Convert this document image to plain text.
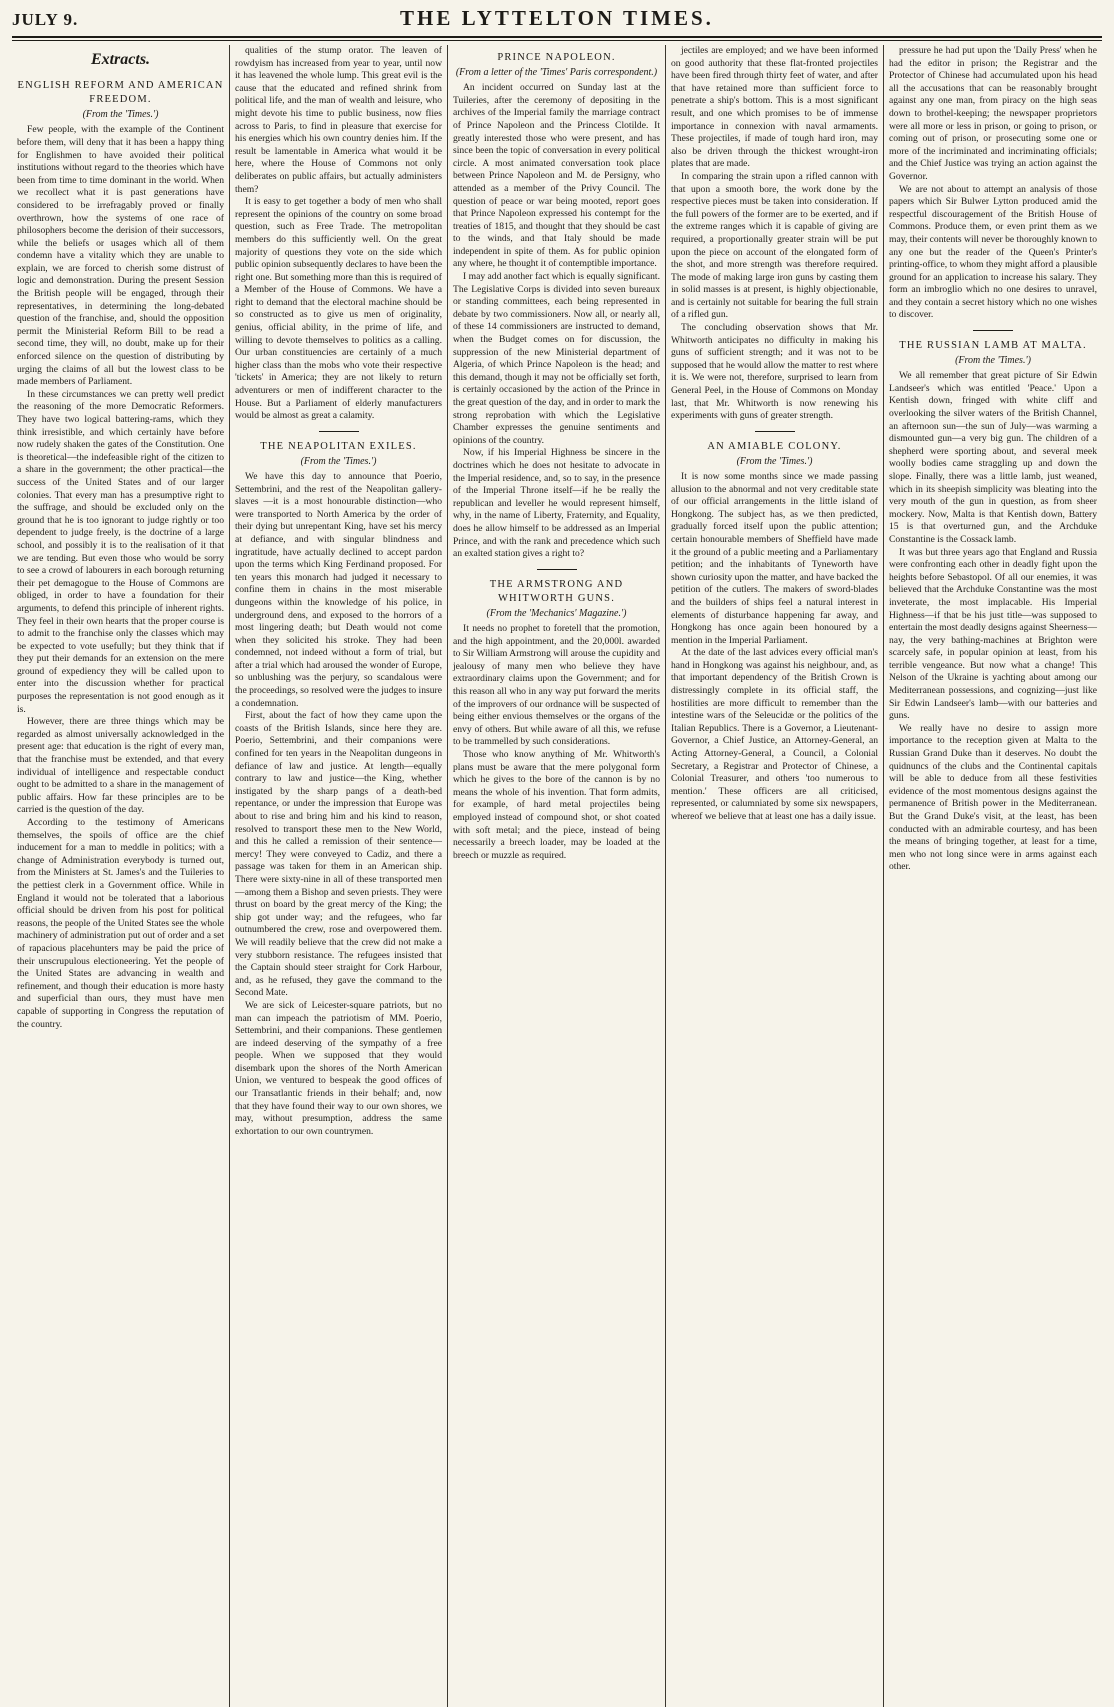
JULY 9.	THE LYTTELTON TIMES.
Extracts.
ENGLISH REFORM AND AMERICAN FREEDOM.
(From the 'Times.')

Few people, with the example of the Continent before them, will deny that it has been a happy thing for Englishmen to have avoided their political institutions without regard to the theories which have been from time to time dominant in the world. When we recollect what it is past generations have considered to be irrefragably proved or finally overthrown, how the systems of one race of philosophers become the derision of their successors, while the beliefs or usages which all of them condemn have a vitality which they are unable to explain, we are forced to cherish some distrust of logic and demonstration. During the present Session the British people will be engaged, through their representatives, in determining the long-debated question of the franchise, and, should the opposition permit the Ministerial Reform Bill to be read a second time, they will, no doubt, make up for their enforced silence on the question of distributing by urging the claims of all but the lowest class to be made members of Parliament.

In these circumstances we can pretty well predict the reasoning of the more Democratic Reformers. They have two logical battering-rams, which they think irresistible, and which certainly have before now rudely shaken the gates of the Constitution. One is theoretical—the indefeasible right of the citizen to a share in the government; the other practical—the success of the United States and of our larger colonies. That every man has a presumptive right to the suffrage, and should be excluded only on the ground that he is too ignorant to judge rightly or too dependent to judge freely, is the doctrine of a large school, and possibly it is to the realisation of it that we are tending. But even those who would be sorry to see a crowd of labourers in each borough returning their pet demagogue to the House of Commons are obliged, in order to have a foundation for their arguments, to defend this principle of inherent rights. They feel in their own hearts that the proper course is to admit to the franchise only the classes which may be expected to vote usefully; but they think that if they put their demands for an extension on the mere ground of expediency they will be called upon to enter into the discussion whether for practical purposes the representation is not good enough as it is.

However, there are three things which may be regarded as almost universally acknowledged in the present age: that education is the right of every man, that the franchise must be extended, and that every individual of intelligence and respectable conduct ought to be admitted to a share in the management of public affairs. How far these principles are to be carried is the question of the day.

According to the testimony of Americans themselves, the spoils of office are the chief inducement for a man to meddle in politics; with a change of Administration everybody is turned out, from the Ministers at St. James's and the Tuileries to the pettiest clerk in a Government office. While in England it would not be tolerated that a laborious official should be driven from his post for political reasons, the people of the United States see the whole machinery of administration put out of order and a set of rapacious placehunters may be paid the price of their unscrupulous electioneering. Yet the people of the United States are advancing in wealth and refinement, and though their education is more hasty and superficial than ours, they must have men capable of supporting in Congress the reputation of the country.

qualities of the stump orator. The leaven of rowdyism has increased from year to year, until now it has leavened the whole lump. This great evil is the cause that the educated and refined shrink from political life, and the man of wealth and leisure, who might devote his time to public business, now flies across to Paris, to find in pleasure that exercise for his energies which his own country denies him. If the result be lamentable in America what would it be here, where the House of Commons not only deliberates on public affairs, but actually administers them?

It is easy to get together a body of men who shall represent the opinions of the country on some broad question, such as Free Trade. The metropolitan members do this sufficiently well. On the great majority of questions they vote on the side which public opinion subsequently declares to have been the right one. But something more than this is required of a Member of the House of Commons. We have a right to demand that the electoral machine should be so constructed as to give us men of originality, genius, official ability, in the prime of life, and willing to devote themselves to politics as a calling. Our urban constituencies are certainly of a much higher class than the mobs who vote their respective 'tickets' in America; they are not likely to return adventurers or men of indifferent character to the House. But a Parliament of elderly manufacturers would be almost as great a calamity.

THE NEAPOLITAN EXILES.
(From the 'Times.')

We have this day to announce that Poerio, Settembrini, and the rest of the Neapolitan gallery-slaves —it is a most honourable distinction—who were transported to North America by the order of their dying but unrepentant King, have set his mercy at defiance, and with singular blindness and ingratitude, have actually declined to accept pardon upon the terms which King Ferdinand proposed. For ten years this monarch had judged it necessary to confine them in chains in the most miserable dungeons within the knowledge of his police, in underground dens, and exposed to the horrors of a most lingering death; but Death would not come when they solicited his stroke. They had been condemned, not indeed without a form of trial, but after a trial which had aroused the wonder of Europe, so unblushing was the perjury, so scandalous were the proceedings, so resolved were the judges to insure a condemnation.

First, about the fact of how they came upon the coasts of the British Islands, since here they are. Poerio, Settembrini, and their companions were confined for ten years in the Neapolitan dungeons in defiance of law and justice. At length—equally contrary to law and justice—the King, whether instigated by the sharp pangs of a death-bed repentance, or under the impression that Europe was about to rise and bring him and his kind to reason, resolved to transport these men to the New World, and this he called a remission of their sentence—mercy! They were conveyed to Cadiz, and there a passage was taken for them in an American ship. There were sixty-nine in all of these transported men—among them a Bishop and seven priests. They were thrust on board by the great mercy of the King; the ship got under way; and the refugees, who far outnumbered the crew, rose and overpowered them. We will readily believe that the crew did not make a very stubborn resistance. The refugees insisted that the Captain should steer straight for Cork Harbour, and, as he refused, they gave the command to the Second Mate.

We are sick of Leicester-square patriots, but no man can impeach the patriotism of MM. Poerio, Settembrini, and their companions. These gentlemen are indeed deserving of the sympathy of a free people. When we supposed that they would disembark upon the shores of the North American Union, we ventured to bespeak the good offices of our Transatlantic friends in their behalf; and, now that they have found their way to our own shores, we may, without presumption, address the same exhortation to our own countrymen.

PRINCE NAPOLEON.
(From a letter of the 'Times' Paris correspondent.)

An incident occurred on Sunday last at the Tuileries, after the ceremony of depositing in the archives of the Imperial family the marriage contract of Prince Napoleon and the Princess Clotilde. It greatly interested those who were present, and has since been the topic of conversation in every political circle. A most animated conversation took place between Prince Napoleon and M. de Persigny, who attended as a member of the Privy Council. The question of peace or war being mooted, report goes that Prince Napoleon expressed his contempt for the treaties of 1815, and thought that they should be cast to the winds, and that Italy should be made independent in spite of them. As for public opinion any where, he thought it of contemptible importance.

I may add another fact which is equally significant. The Legislative Corps is divided into seven bureaux or standing committees, each being represented in debate by two commissioners. Now all, or nearly all, of these 14 commissioners are instructed to demand, when the Budget comes on for discussion, the suppression of the new Ministerial department of Algeria, of which Prince Napoleon is the head; and this demand, though it may not be officially set forth, is certainly occasioned by the action of the Prince in the great question of the day, and in order to mark the strong reprobation with which the Legislative Chamber expresses the genuine sentiments and opinions of the country.

Now, if his Imperial Highness be sincere in the doctrines which he does not hesitate to advocate in the Imperial residence, and, so to say, in the presence of the Imperial Throne itself—if he be really the republican and leveller he would represent himself, why, in the name of Liberty, Fraternity, and Equality, does he allow himself to be addressed as an Imperial Prince, and with the rank and precedence which such an exalted station gives a right to?

THE ARMSTRONG AND WHITWORTH GUNS.
(From the 'Mechanics' Magazine.')

It needs no prophet to foretell that the promotion, and the high appointment, and the 20,000l. awarded to Sir William Armstrong will arouse the cupidity and jealousy of many men who believe they have extraordinary claims upon the Government; and for this reason all who in any way put forward the merits of the improvers of our ordnance will be suspected of being either envious themselves or the organs of the envy of others. But while aware of all this, we refuse to be trammelled by such considerations.

Those who know anything of Mr. Whitworth's plans must be aware that the mere polygonal form which he gives to the bore of the cannon is by no means the whole of his invention. That form admits, for example, of hard metal projectiles being employed instead of compound shot, or shot coated with soft metal; and the piece, instead of being necessarily a breech loader, may be loaded at the breech or muzzle as required.

jectiles are employed; and we have been informed on good authority that these flat-fronted projectiles have been fired through thirty feet of water, and after that have retained more than sufficient force to penetrate a ship's bottom. This is a most significant result, and one which promises to be of immense importance in connexion with naval armaments. These projectiles, if made of tough hard iron, may also be driven through the thickest wrought-iron plates that are made.

In comparing the strain upon a rifled cannon with that upon a smooth bore, the work done by the respective pieces must be taken into consideration. If the full powers of the former are to be exerted, and if the extreme ranges which it is capable of giving are required, a proportionally greater strain will be put upon the piece on account of the elongated form of the shot, and more strength was therefore required. The mode of making large iron guns by casting them in solid masses is at present, is highly objectionable, and is certainly not suitable for bearing the full strain of a rifled gun.

The concluding observation shows that Mr. Whitworth anticipates no difficulty in making his guns of sufficient strength; and it was not to be supposed that he would allow the matter to rest where it is. We were not, therefore, surprised to learn from General Peel, in the House of Commons on Monday last, that Mr. Whitworth is now renewing his experiments with guns of greater strength.

AN AMIABLE COLONY.
(From the 'Times.')

It is now some months since we made passing allusion to the abnormal and not very creditable state of our official arrangements in the little island of Hongkong. The subject has, as we then predicted, gradually forced itself upon the public attention; certain honourable members of Sheffield have made it the ground of a public meeting and a Parliamentary petition; and the inhabitants of Tyneworth have shown curiosity upon the matter, and have backed the petition of the cutlers. The makers of sword-blades and the builders of ships feel a natural interest in elements of disturbance happening far away, and Hongkong has once again been honoured by a mention in the Imperial Parliament.

At the date of the last advices every official man's hand in Hongkong was against his neighbour, and, as that important dependency of the British Crown is distressingly complete in its official staff, the hostilities are more difficult to remember than the intestine wars of the Seleucidæ or the politics of the Italian Republics. There is a Governor, a Lieutenant-Governor, a Chief Justice, an Attorney-General, an Acting Attorney-General, a Council, a Colonial Secretary, a Registrar and Protector of Chinese, a Colonial Treasurer, and others 'too numerous to mention.' These officers are all criticised, represented, or calumniated by some six newspapers, whereof we believe that at least one has a daily issue.

pressure he had put upon the 'Daily Press' when he had the editor in prison; the Registrar and the Protector of Chinese had accumulated upon his head all the accusations that can be reasonably brought against any one man, from piracy on the high seas down to brothel-keeping; the newspaper proprietors were all more or less in prison, or going to prison, or coming out of prison, or prosecuting some one or more of the incriminated and incriminating officials; and the Chief Justice was trying an action against the Governor.

We are not about to attempt an analysis of those papers which Sir Bulwer Lytton produced amid the respectful discouragement of the British House of Commons. Produce them, or even print them as we may, their contents will never be thoroughly known to any one but the reader of the Queen's Printer's printing-office, to whom they might afford a plausible ground for an application to increase his salary. They form an imbroglio which no one desires to unravel, and they contain a secret history which no one wishes to discover.

THE RUSSIAN LAMB AT MALTA.
(From the 'Times.')

We all remember that great picture of Sir Edwin Landseer's which was entitled 'Peace.' Upon a Kentish down, fringed with white cliff and overlooking the silver waters of the British Channel, an afternoon sun—the sun of July—was warming a dismounted gun—a very big gun. The children of a shepherd were sporting about, and several meek woolly bodies came straggling up and down the slope. Finally, there was a little lamb, just weaned, which in its sheepish simplicity was bleating into the very mouth of the gun in question, as from sheer mockery. Now, Malta is that Kentish down, Battery 15 is that overturned gun, and the Archduke Constantine is the Cossack lamb.

It was but three years ago that England and Russia were confronting each other in deadly fight upon the heights before Sebastopol. Of all our enemies, it was believed that the Archduke Constantine was the most inveterate, the most implacable. His Imperial Highness—if that be his just title—was supposed to entertain the most deadly designs against Sheerness—nay, the very bathing-machines at Brighton were scarcely safe, in popular opinion at least, from his terrible vengeance. But now what a change! This Nelson of the Ukraine is yachting about among our Mediterranean possessions, and cognizing—just like Sir Edwin Landseer's lamb—with our batteries and guns.

We really have no desire to assign more importance to the reception given at Malta to the Russian Grand Duke than it deserves. No doubt the quidnuncs of the clubs and the Continental capitals will be able to deduce from all these festivities evidence of the most momentous designs against the permanence of British power in the Mediterranean. But the Grand Duke's visit, at the least, has been conducted with an admirable courtesy, and has been the means of bringing together, at least for a time, men who not long since were in arms against each other.
